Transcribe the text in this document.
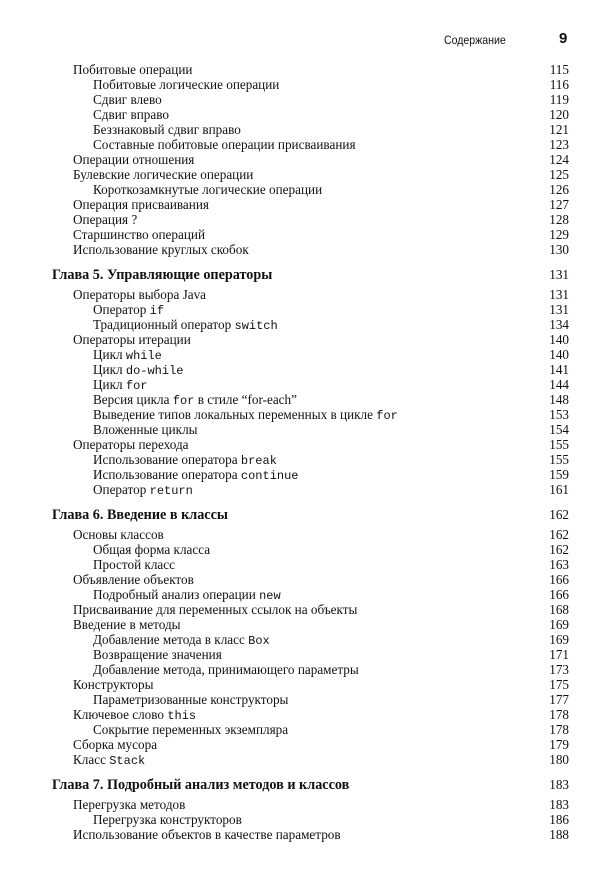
Содержание	9
Побитовые операции	115
Побитовые логические операции	116
Сдвиг влево	119
Сдвиг вправо	120
Беззнаковый сдвиг вправо	121
Составные побитовые операции присваивания	123
Операции отношения	124
Булевские логические операции	125
Короткозамкнутые логические операции	126
Операция присваивания	127
Операция ?	128
Старшинство операций	129
Использование круглых скобок	130
Глава 5. Управляющие операторы	131
Операторы выбора Java	131
Оператор if	131
Традиционный оператор switch	134
Операторы итерации	140
Цикл while	140
Цикл do-while	141
Цикл for	144
Версия цикла for в стиле “for-each”	148
Выведение типов локальных переменных в цикле for	153
Вложенные циклы	154
Операторы перехода	155
Использование оператора break	155
Использование оператора continue	159
Оператор return	161
Глава 6. Введение в классы	162
Основы классов	162
Общая форма класса	162
Простой класс	163
Объявление объектов	166
Подробный анализ операции new	166
Присваивание для переменных ссылок на объекты	168
Введение в методы	169
Добавление метода в класс Box	169
Возвращение значения	171
Добавление метода, принимающего параметры	173
Конструкторы	175
Параметризованные конструкторы	177
Ключевое слово this	178
Сокрытие переменных экземпляра	178
Сборка мусора	179
Класс Stack	180
Глава 7. Подробный анализ методов и классов	183
Перегрузка методов	183
Перегрузка конструкторов	186
Использование объектов в качестве параметров	188
